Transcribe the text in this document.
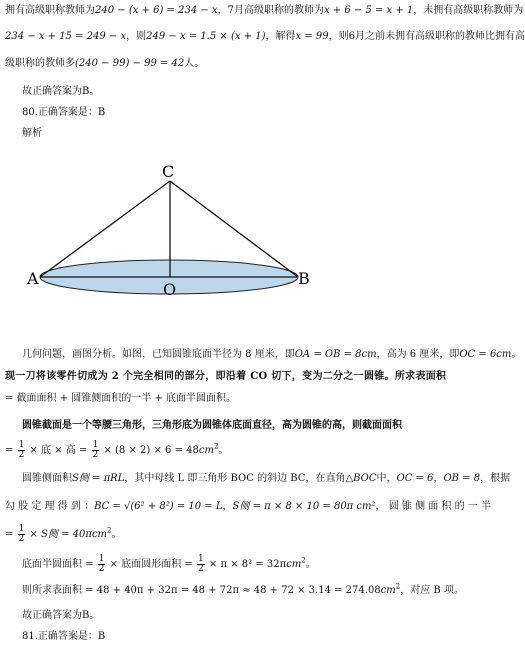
拥有高级职称教师为240 − (x + 6) = 234 − x，7月高级职称的教师为x + 6 − 5 = x + 1，未拥有高级职称教师为
234 − x + 15 = 249 − x，则249 − x = 1.5 × (x + 1)，解得x = 99，则6月之前未拥有高级职称的教师比拥有高
级职称的教师多(240 − 99) − 99 = 42人。
故正确答案为B。
80.正确答案是：B
解析
C
A
O
B
几何问题，画图分析。如图，已知圆锥底面半径为 8 厘米，即OA = OB = 8cm，高为 6 厘米，即OC = 6cm。
现一刀将该零件切成为 2 个完全相同的部分，即沿着 CO 切下，变为二分之一圆锥。所求表面积
= 截面面积 + 圆锥侧面积的一半 + 底面半圆面积。
圆锥截面是一个等腰三角形，三角形底为圆锥体底面直径，高为圆锥的高，则截面面积
= $\frac{1}{2}$ × 底 × 高 = $\frac{1}{2} \times (8 \times 2) \times 6 = 48cm^2$。
圆锥侧面积S侧 = πRL，其中母线 L 即三角形 BOC 的斜边 BC，在直角△BOC中，OC = 6，OB = 8，根据
勾 股 定 理 得 到 ：BC = √(6² + 8²) = 10 = L，S侧 = π × 8 × 10 = 80π cm²， 圆 锥 侧 面 积 的 一 半
= $\frac{1}{2} \times S$侧 = 40πcm$^2$。
底面半圆面积 = $\frac{1}{2}$ × 底面圆形面积 = $\frac{1}{2} \times \pi \times 8^2 = 32\pi cm^2$。
则所求表面积 = $48 + 40\pi + 32\pi = 48 + 72\pi \approx 48 + 72 \times 3.14 = 274.08cm^2$，对应 B 项。
故正确答案为B。
81.正确答案是：B
